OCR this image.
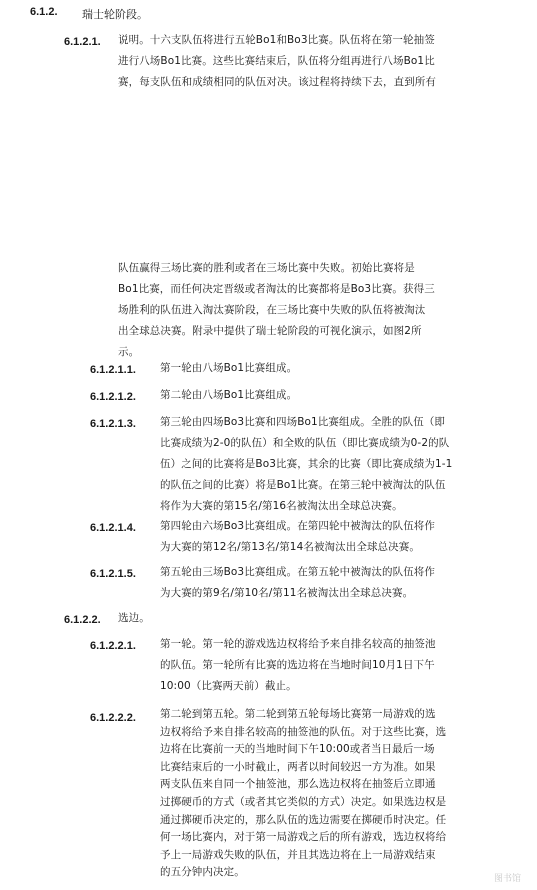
6.1.2. 瑞士轮阶段。
6.1.2.1. 说明。十六支队伍将进行五轮Bo1和Bo3比赛。队伍将在第一轮抽签
进行八场Bo1比赛。这些比赛结束后，队伍将分组再进行八场Bo1比
赛，每支队伍和成绩相同的队伍对决。该过程将持续下去，直到所有
队伍赢得三场比赛的胜利或者在三场比赛中失败。初始比赛将是
Bo1比赛，而任何决定晋级或者淘汰的比赛都将是Bo3比赛。获得三
场胜利的队伍进入淘汰赛阶段，在三场比赛中失败的队伍将被淘汰
出全球总决赛。附录中提供了瑞士轮阶段的可视化演示，如图2所
示。
6.1.2.1.1. 第一轮由八场Bo1比赛组成。
6.1.2.1.2. 第二轮由八场Bo1比赛组成。
6.1.2.1.3. 第三轮由四场Bo3比赛和四场Bo1比赛组成。全胜的队伍（即
比赛成绩为2-0的队伍）和全败的队伍（即比赛成绩为0-2的队
伍）之间的比赛将是Bo3比赛，其余的比赛（即比赛成绩为1-1
的队伍之间的比赛）将是Bo1比赛。在第三轮中被淘汰的队伍
将作为大赛的第15名/第16名被淘汰出全球总决赛。
6.1.2.1.4. 第四轮由六场Bo3比赛组成。在第四轮中被淘汰的队伍将作
为大赛的第12名/第13名/第14名被淘汰出全球总决赛。
6.1.2.1.5. 第五轮由三场Bo3比赛组成。在第五轮中被淘汰的队伍将作
为大赛的第9名/第10名/第11名被淘汰出全球总决赛。
6.1.2.2. 选边。
6.1.2.2.1. 第一轮。第一轮的游戏选边权将给予来自排名较高的抽签池
的队伍。第一轮所有比赛的选边将在当地时间10月1日下午
10:00（比赛两天前）截止。
6.1.2.2.2. 第二轮到第五轮。第二轮到第五轮每场比赛第一局游戏的选
边权将给予来自排名较高的抽签池的队伍。对于这些比赛，选
边将在比赛前一天的当地时间下午10:00或者当日最后一场
比赛结束后的一小时截止，两者以时间较迟一方为准。如果
两支队伍来自同一个抽签池，那么选边权将在抽签后立即通
过掷硬币的方式（或者其它类似的方式）决定。如果选边权是
通过掷硬币决定的，那么队伍的选边需要在掷硬币时决定。任
何一场比赛内，对于第一局游戏之后的所有游戏，选边权将给
予上一局游戏失败的队伍，并且其选边将在上一局游戏结束
的五分钟内决定。
图书馆
